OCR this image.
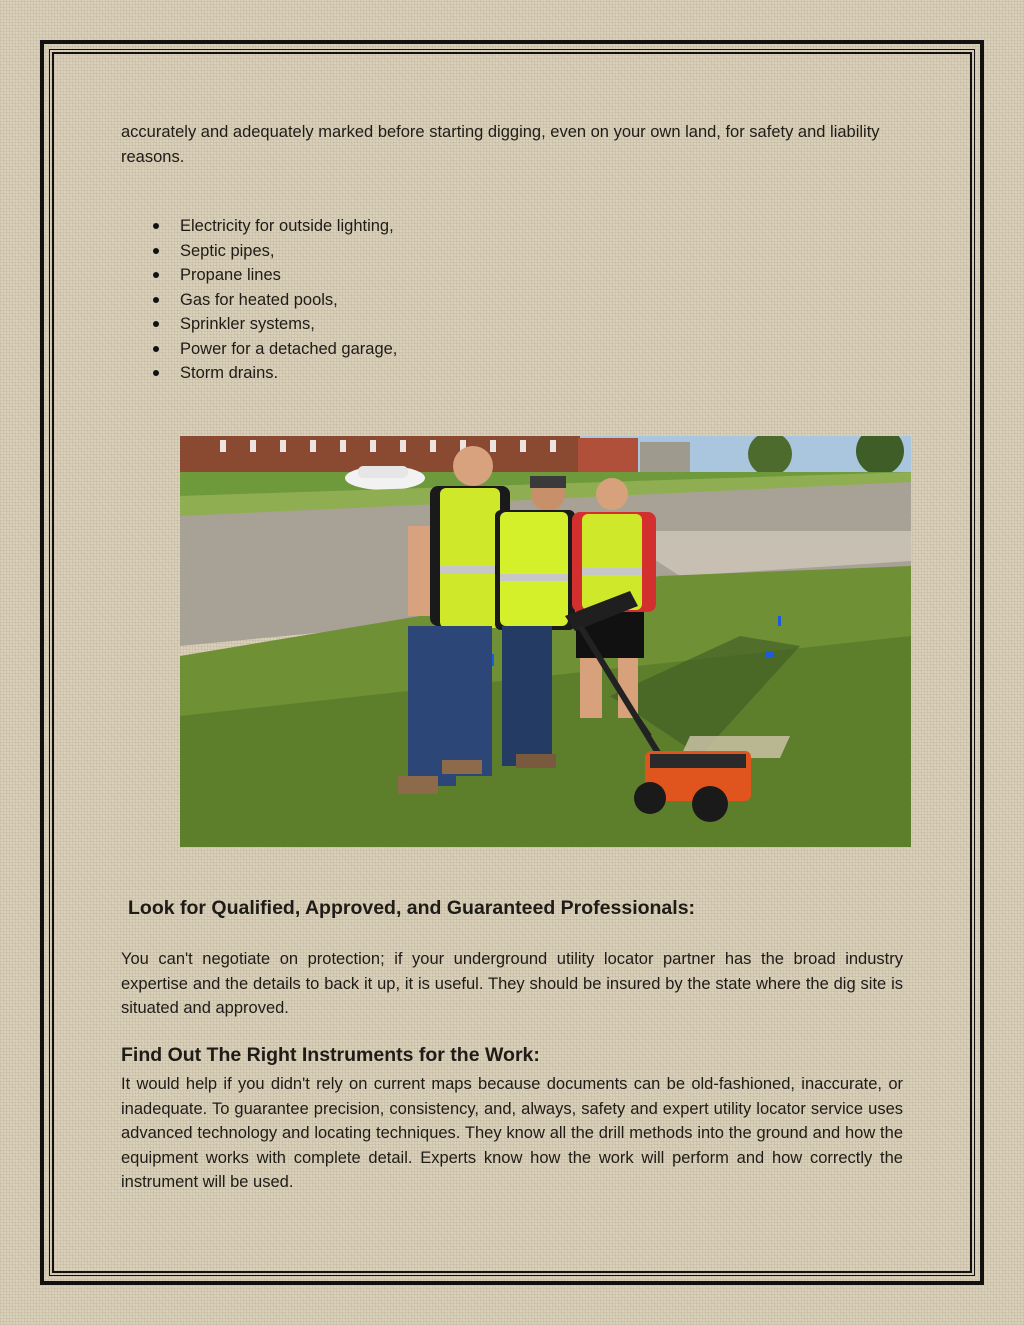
accurately and adequately marked before starting digging, even on your own land, for safety and liability reasons.

Electricity for outside lighting,
Septic pipes,
Propane lines
Gas for heated pools,
Sprinkler systems,
Power for a detached garage,
Storm drains.
Look for Qualified, Approved, and Guaranteed Professionals:

You can't negotiate on protection; if your underground utility locator partner has the broad industry expertise and the details to back it up, it is useful. They should be insured by the state where the dig site is situated and approved.

Find Out The Right Instruments for the Work:

It would help if you didn't rely on current maps because documents can be old-fashioned, inaccurate, or inadequate. To guarantee precision, consistency, and, always, safety and expert utility locator service uses advanced technology and locating techniques. They know all the drill methods into the ground and how the equipment works with complete detail. Experts know how the work will perform and how correctly the instrument will be used.
